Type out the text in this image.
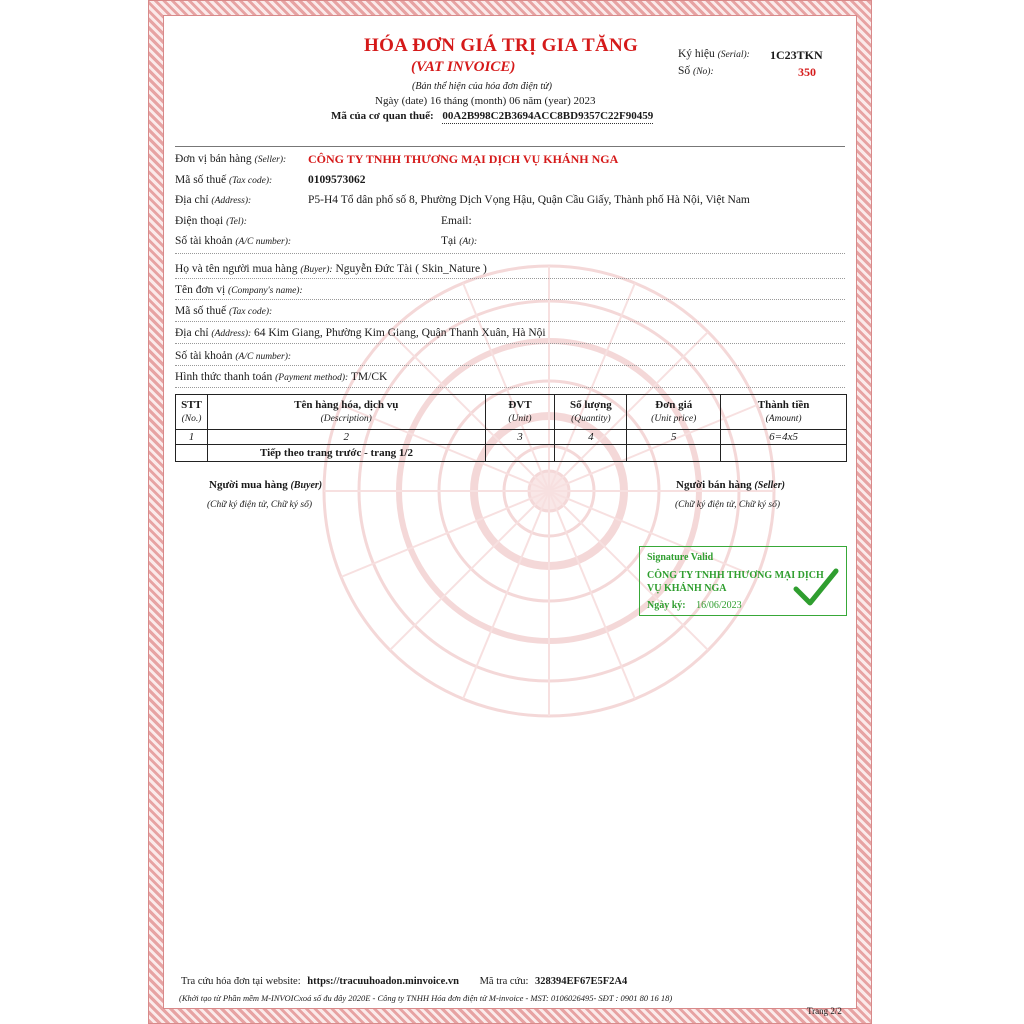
HÓA ĐƠN GIÁ TRỊ GIA TĂNG
(VAT INVOICE)
(Bản thể hiện của hóa đơn điện tử)
Ngày (date) 16 tháng (month) 06 năm (year) 2023
Mã của cơ quan thuế: 00A2B998C2B3694ACC8BD9357C22F90459
Ký hiệu (Serial): 1C23TKN
Số (No):	350
Đơn vị bán hàng (Seller): CÔNG TY TNHH THƯƠNG MẠI DỊCH VỤ KHÁNH NGA
Mã số thuế (Tax code):	0109573062
Địa chỉ (Address):	P5-H4 Tổ dân phố số 8, Phường Dịch Vọng Hậu, Quận Cầu Giấy, Thành phố Hà Nội, Việt Nam
Điện thoại (Tel):	Email:
Số tài khoản (A/C number):	Tại (At):
Họ và tên người mua hàng (Buyer): Nguyễn Đức Tài ( Skin_Nature )
Tên đơn vị (Company's name):
Mã số thuế (Tax code):
Địa chỉ (Address): 64 Kim Giang, Phường Kim Giang, Quận Thanh Xuân, Hà Nội
Số tài khoản (A/C number):
Hình thức thanh toán (Payment method): TM/CK
STT	Tên hàng hóa, dịch vụ	ĐVT	Số lượng	Đơn giá	Thành tiền
(No.)	(Description)	(Unit)	(Quantity)	(Unit price)	(Amount)
1	2	3	4	5	6=4x5
	Tiếp theo trang trước - trang 1/2				
Người mua hàng (Buyer)
(Chữ ký điện tử, Chữ ký số)
Người bán hàng (Seller)
(Chữ ký điện tử, Chữ ký số)
Signature Valid
CÔNG TY TNHH THƯƠNG MẠI DỊCH
VỤ KHÁNH NGA
Ngày ký: 16/06/2023
Tra cứu hóa đơn tại website: https://tracuuhoadon.minvoice.vn Mã tra cứu: 328394EF67E5F2A4
(Khởi tạo từ Phần mềm M-INVOICxoá số đu đây 2020E - Công ty TNHH Hóa đơn điện tử M-invoice - MST: 0106026495- SĐT : 0901 80 16 18)
Trang 2/2
